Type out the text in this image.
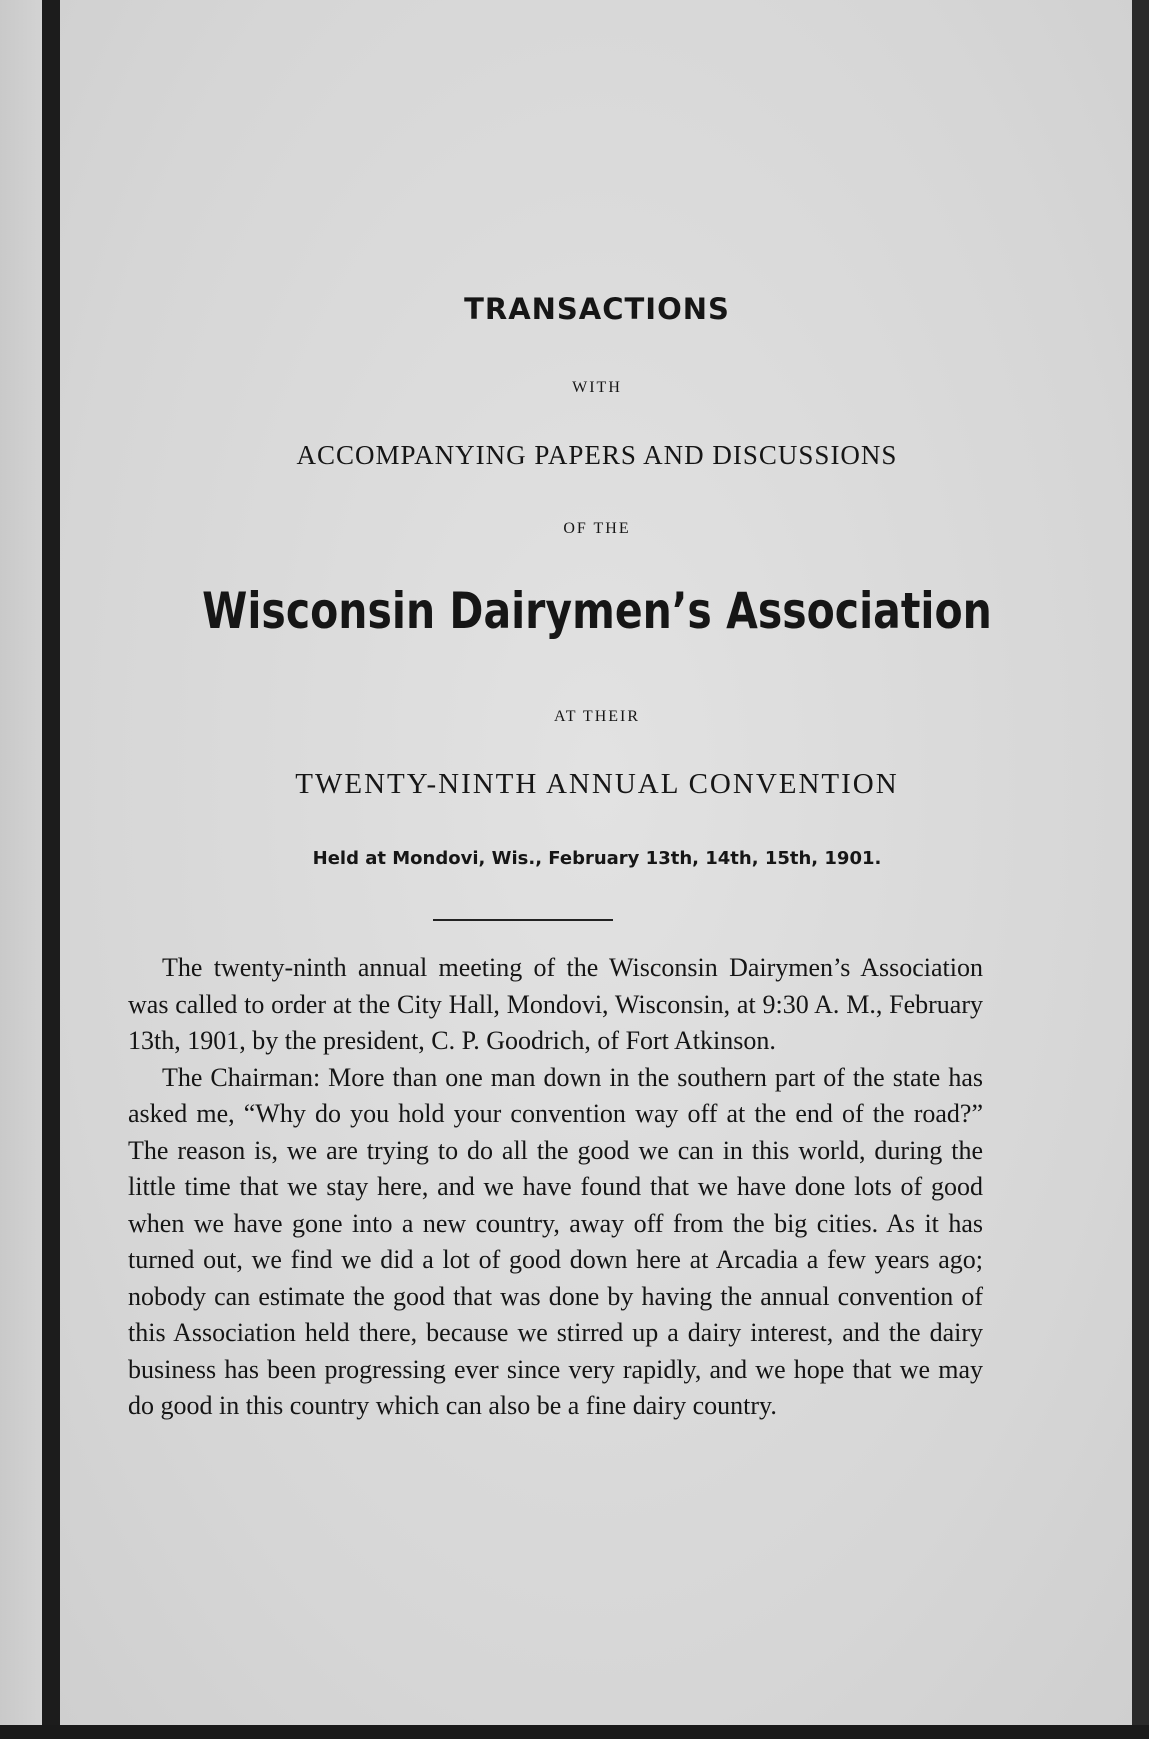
TRANSACTIONS
WITH
ACCOMPANYING PAPERS AND DISCUSSIONS
OF THE
Wisconsin Dairymen’s Association
AT THEIR
TWENTY-NINTH ANNUAL CONVENTION
Held at Mondovi, Wis., February 13th, 14th, 15th, 1901.

The twenty-ninth annual meeting of the Wisconsin Dairymen’s Association was called to order at the City Hall, Mondovi, Wisconsin, at 9:30 A. M., February 13th, 1901, by the president, C. P. Goodrich, of Fort Atkinson.

The Chairman: More than one man down in the southern part of the state has asked me, “Why do you hold your convention way off at the end of the road?” The reason is, we are trying to do all the good we can in this world, during the little time that we stay here, and we have found that we have done lots of good when we have gone into a new country, away off from the big cities. As it has turned out, we find we did a lot of good down here at Arcadia a few years ago; nobody can estimate the good that was done by having the annual convention of this Association held there, because we stirred up a dairy interest, and the dairy business has been progressing ever since very rapidly, and we hope that we may do good in this country which can also be a fine dairy country.
